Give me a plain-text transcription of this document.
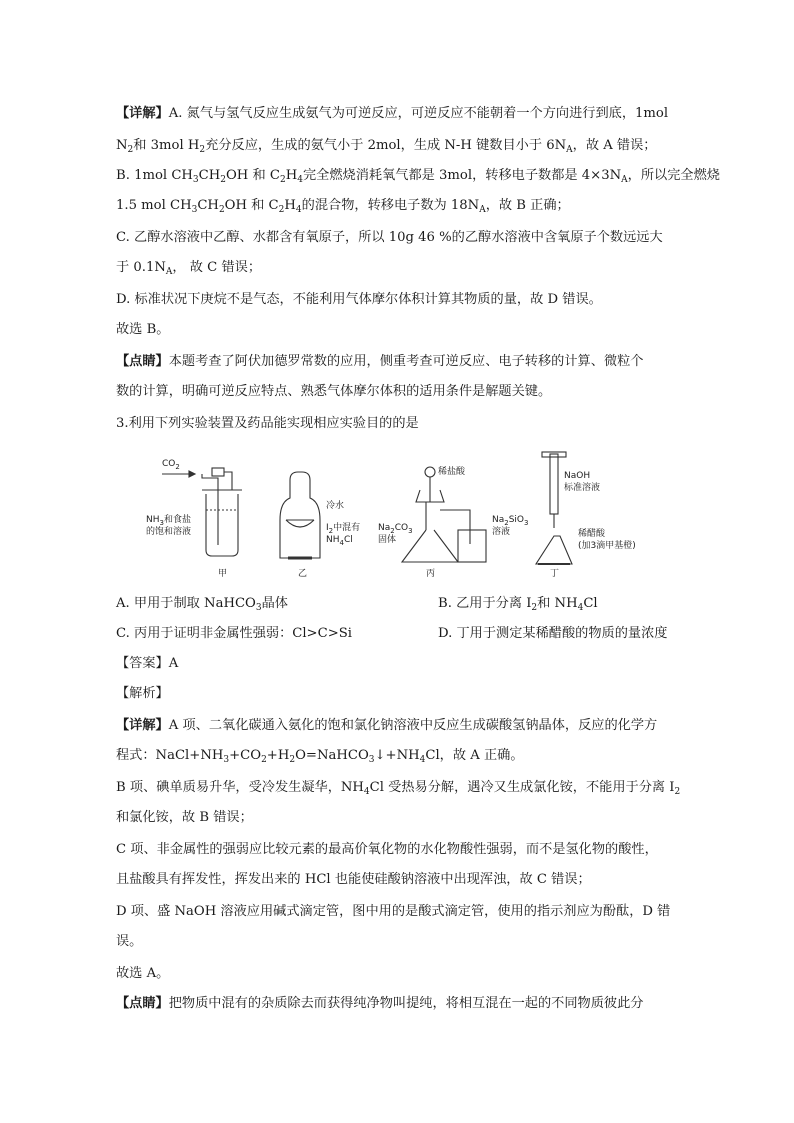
【详解】A. 氮气与氢气反应生成氨气为可逆反应，可逆反应不能朝着一个方向进行到底，1mol
$N_2$和 3mol $H_2$充分反应，生成的氨气小于 2mol，生成 N-H 键数目小于 $6N_A$，故 A 错误；
B. 1mol $CH_3CH_2OH$ 和 $C_2H_4$完全燃烧消耗氧气都是 3mol，转移电子数都是 $4\times 3N_A$，所以完全燃烧
1.5 mol $CH_3CH_2OH$ 和 $C_2H_4$的混合物，转移电子数为 $18N_A$，故 B 正确；
C. 乙醇水溶液中乙醇、水都含有氧原子，所以 10g 46 %的乙醇水溶液中含氧原子个数远远大
于 $0.1N_A$， 故 C 错误；
D. 标准状况下庚烷不是气态，不能利用气体摩尔体积计算其物质的量，故 D 错误。
故选 B。
【点睛】本题考查了阿伏加德罗常数的应用，侧重考查可逆反应、电子转移的计算、微粒个
数的计算，明确可逆反应特点、熟悉气体摩尔体积的适用条件是解题关键。
3.利用下列实验装置及药品能实现相应实验目的的是
$CO_2$
$NH_3$和食盐
的饱和溶液
甲
冷水
$I_2$中混有
$NH_4Cl$
乙
稀盐酸
$Na_2CO_3$
固体
$Na_2SiO_3$
溶液
丙
NaOH
标准溶液
稀醋酸
(加3滴甲基橙)
丁
A. 甲用于制取 NaHCO$_3$晶体	B. 乙用于分离 $I_2$和 $NH_4Cl$
C. 丙用于证明非金属性强弱：Cl>C>Si	D. 丁用于测定某稀醋酸的物质的量浓度
【答案】A
【解析】
【详解】A 项、二氧化碳通入氨化的饱和氯化钠溶液中反应生成碳酸氢钠晶体，反应的化学方
程式：$NaCl+NH_3+CO_2+H_2O=NaHCO_3↓+NH_4Cl$，故 A 正确。
B 项、碘单质易升华，受冷发生凝华，$NH_4Cl$ 受热易分解，遇冷又生成氯化铵，不能用于分离 $I_2$
和氯化铵，故 B 错误；
C 项、非金属性的强弱应比较元素的最高价氧化物的水化物酸性强弱，而不是氢化物的酸性，
且盐酸具有挥发性，挥发出来的 HCl 也能使硅酸钠溶液中出现浑浊，故 C 错误；
D 项、盛 NaOH 溶液应用碱式滴定管，图中用的是酸式滴定管，使用的指示剂应为酚酞，D 错
误。
故选 A。
【点睛】把物质中混有的杂质除去而获得纯净物叫提纯，将相互混在一起的不同物质彼此分
